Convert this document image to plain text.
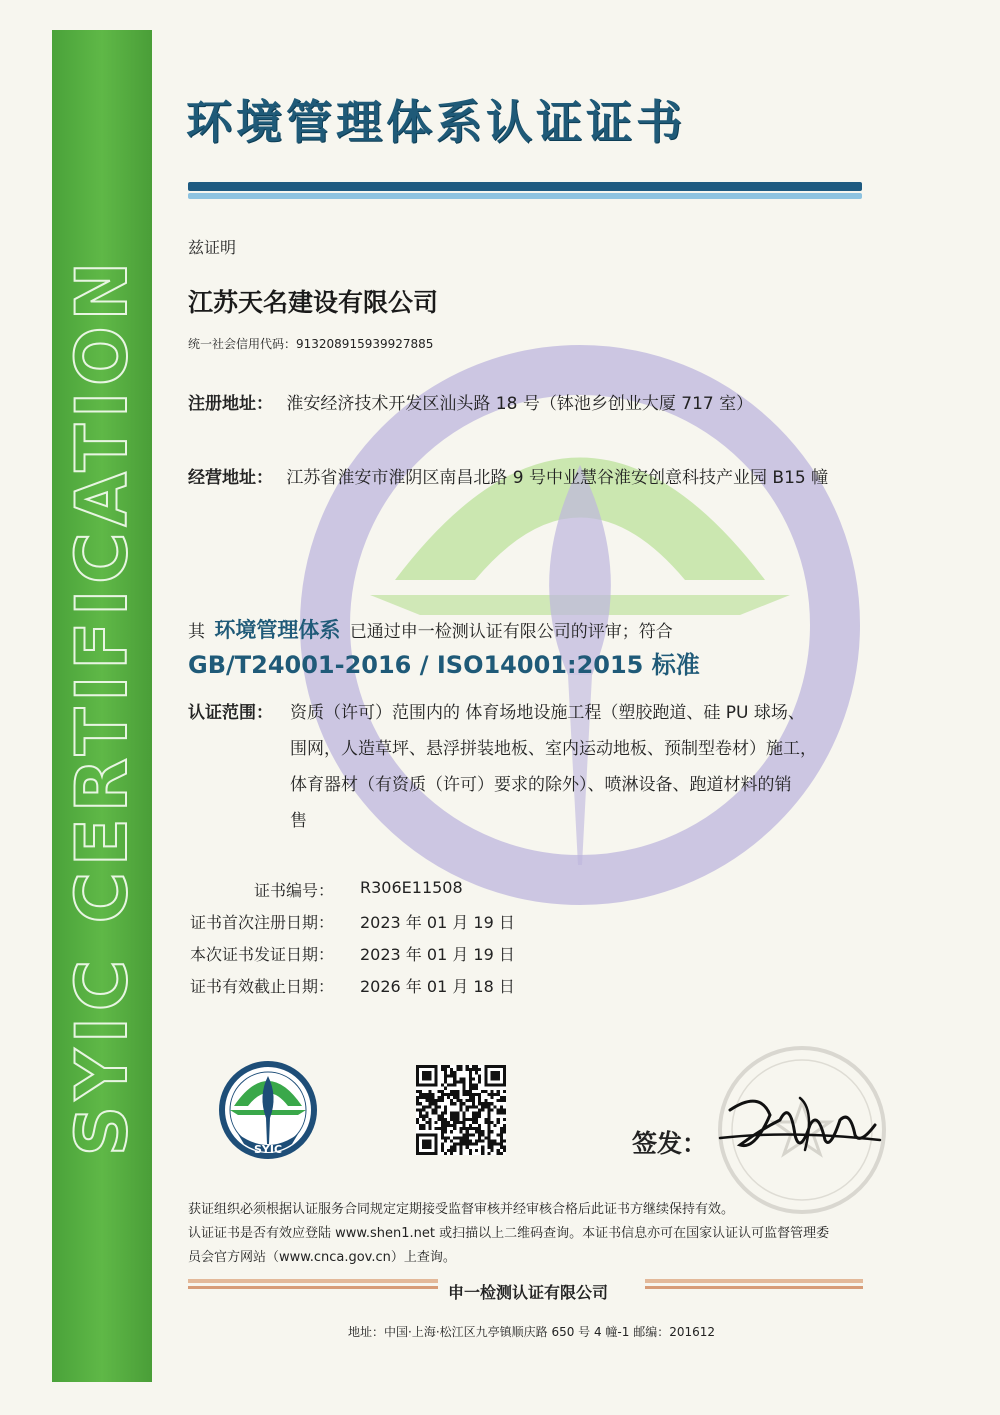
SYIC CERTIFICATION
环境管理体系认证证书
兹证明
江苏天名建设有限公司
统一社会信用代码：913208915939927885
注册地址： 淮安经济技术开发区汕头路 18 号（钵池乡创业大厦 717 室）
经营地址： 江苏省淮安市淮阴区南昌北路 9 号中业慧谷淮安创意科技产业园 B15 幢
其 环境管理体系 已通过申一检测认证有限公司的评审；符合
GB/T24001-2016 / ISO14001:2015 标准
认证范围： 资质（许可）范围内的 体育场地设施工程（塑胶跑道、硅 PU 球场、
围网，人造草坪、悬浮拼装地板、室内运动地板、预制型卷材）施工，
体育器材（有资质（许可）要求的除外）、喷淋设备、跑道材料的销
售
证书编号： R306E11508
证书首次注册日期： 2023 年 01 月 19 日
本次证书发证日期： 2023 年 01 月 19 日
证书有效截止日期： 2026 年 01 月 18 日
SYIC	签发：
获证组织必须根据认证服务合同规定定期接受监督审核并经审核合格后此证书方继续保持有效。
认证证书是否有效应登陆 www.shen1.net 或扫描以上二维码查询。本证书信息亦可在国家认证认可监督管理委
员会官方网站（www.cnca.gov.cn）上查询。
申一检测认证有限公司
地址：中国·上海·松江区九亭镇顺庆路 650 号 4 幢-1 邮编：201612
